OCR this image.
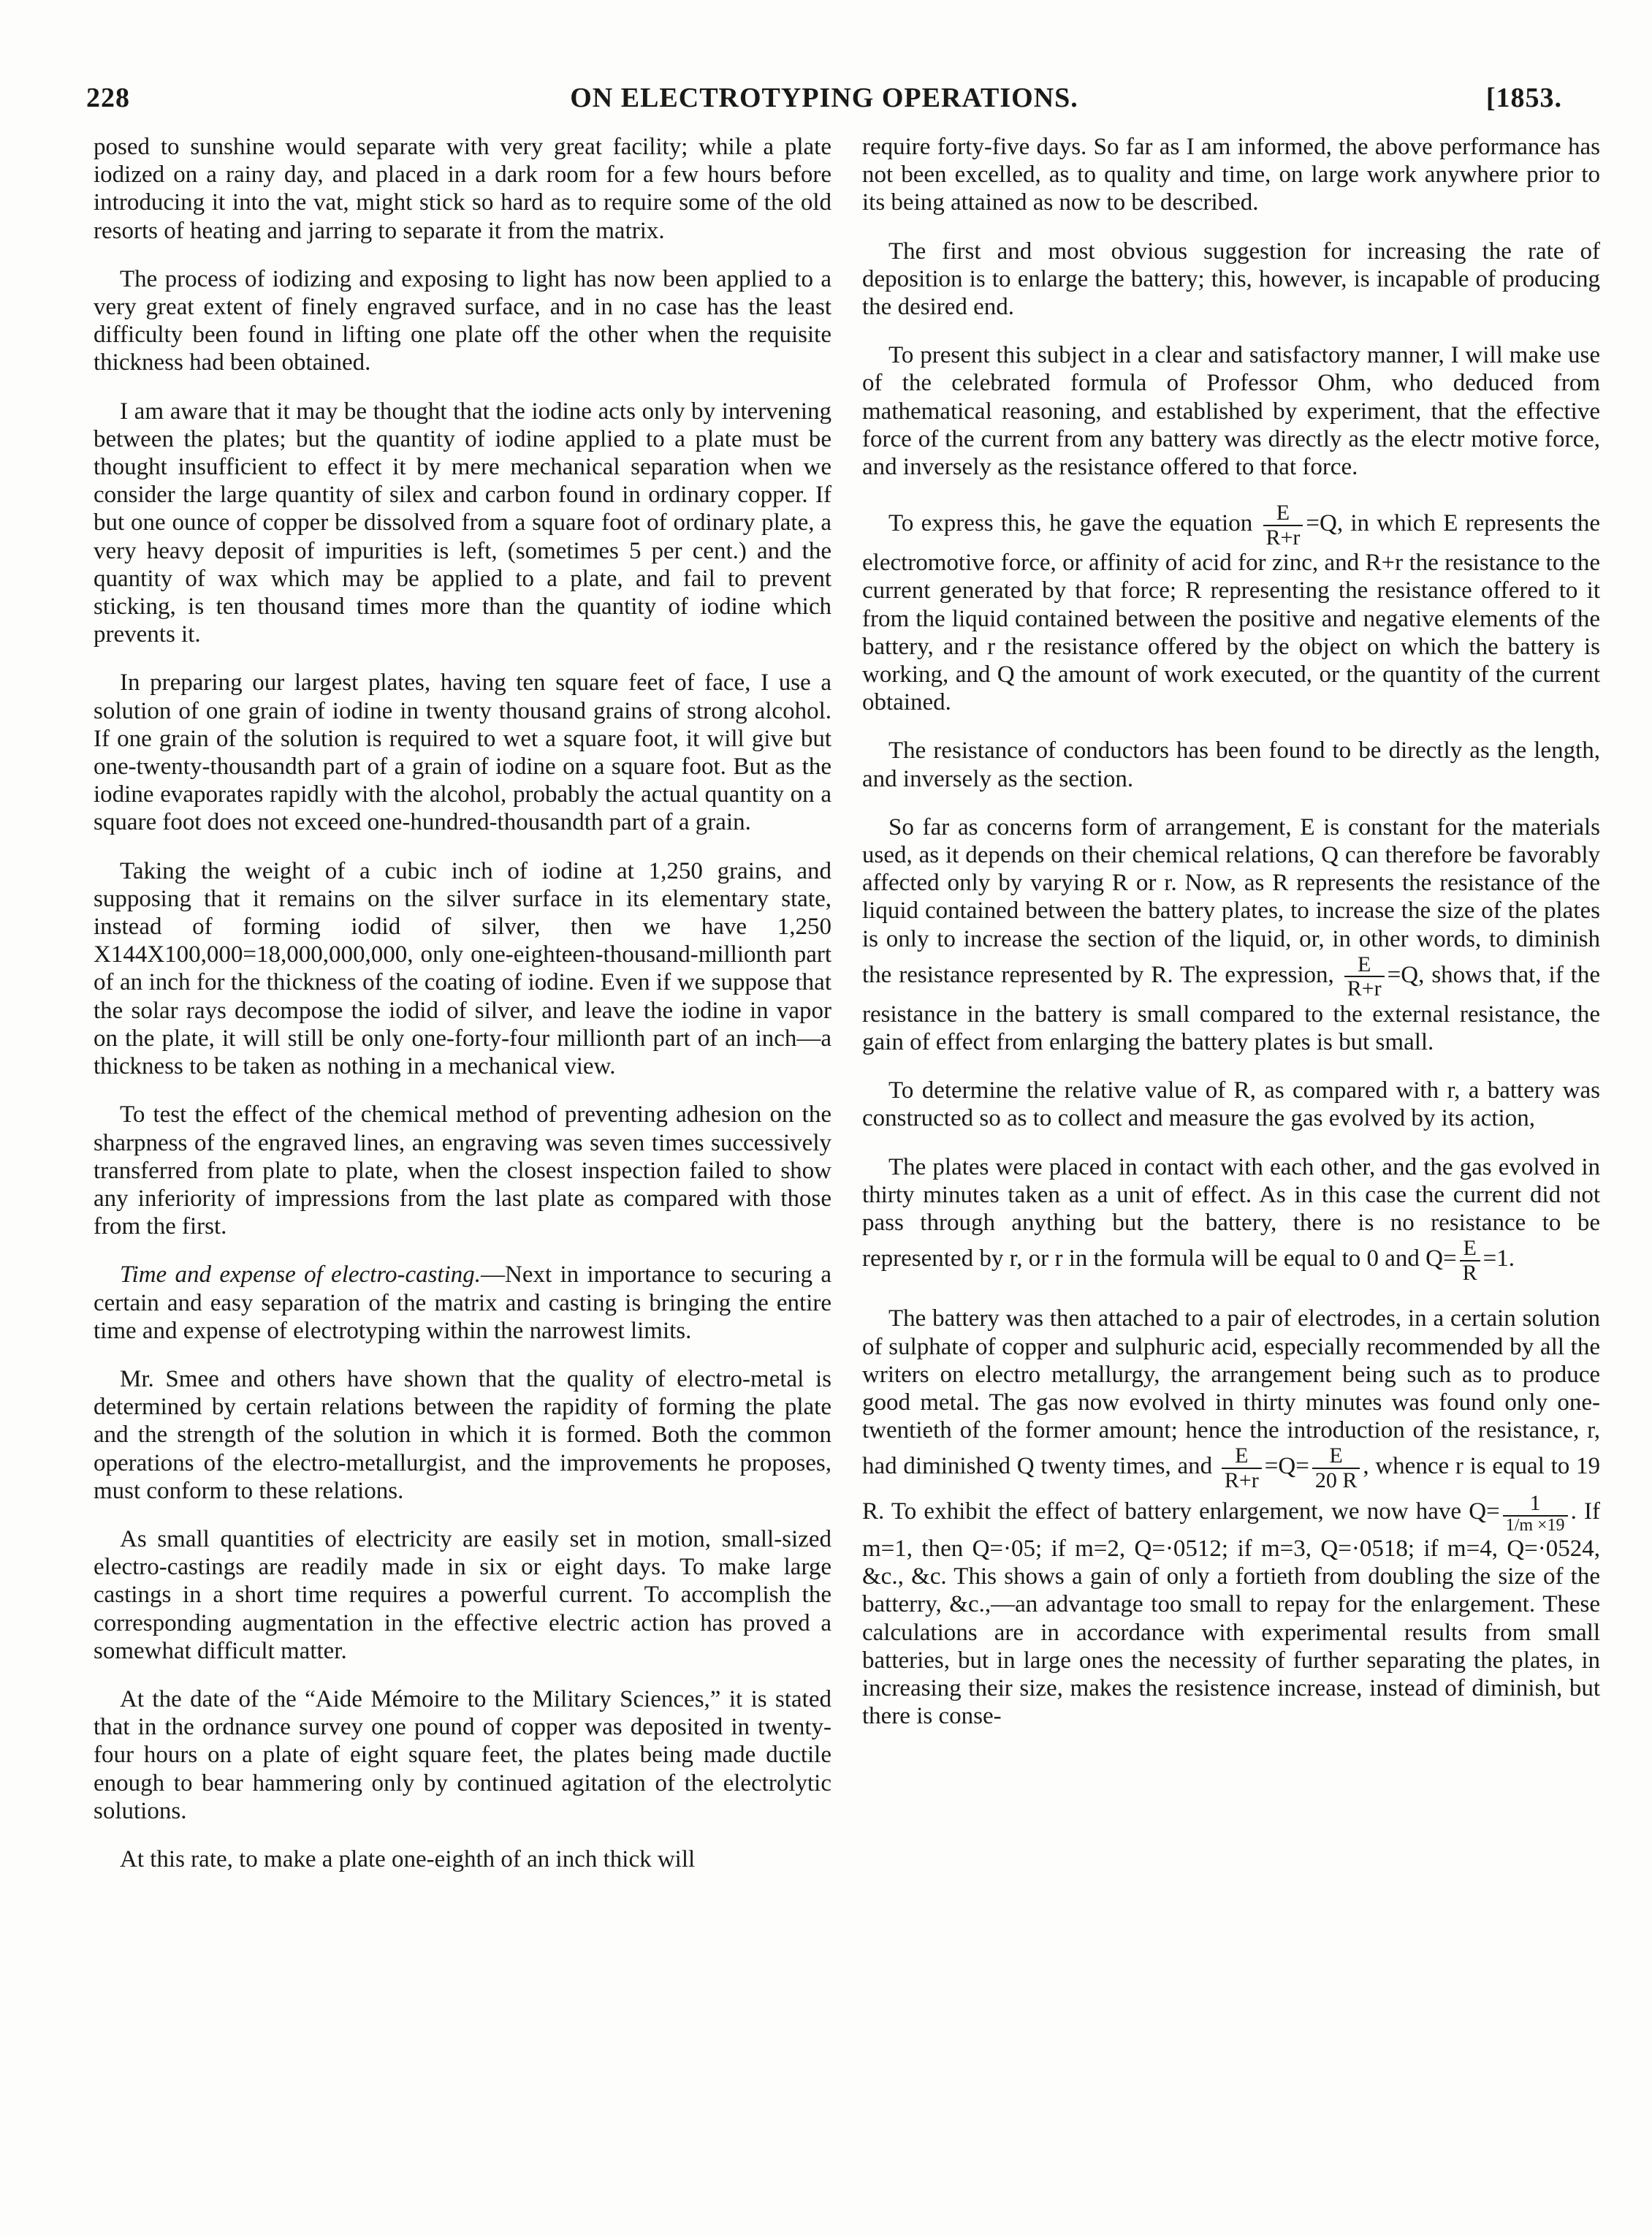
228	ON ELECTROTYPING OPERATIONS.	[1853.

posed to sunshine would separate with very great facility; while a plate iodized on a rainy day, and placed in a dark room for a few hours before introducing it into the vat, might stick so hard as to require some of the old resorts of heating and jarring to separate it from the matrix.

The process of iodizing and exposing to light has now been applied to a very great extent of finely engraved surface, and in no case has the least difficulty been found in lifting one plate off the other when the requisite thickness had been obtained.

I am aware that it may be thought that the iodine acts only by intervening between the plates; but the quantity of iodine applied to a plate must be thought insufficient to effect it by mere mechanical separation when we consider the large quantity of silex and carbon found in ordinary copper. If but one ounce of copper be dissolved from a square foot of ordinary plate, a very heavy deposit of impurities is left, (sometimes 5 per cent.) and the quantity of wax which may be applied to a plate, and fail to prevent sticking, is ten thousand times more than the quantity of iodine which prevents it.

In preparing our largest plates, having ten square feet of face, I use a solution of one grain of iodine in twenty thousand grains of strong alcohol. If one grain of the solution is required to wet a square foot, it will give but one-twenty-thousandth part of a grain of iodine on a square foot. But as the iodine evaporates rapidly with the alcohol, probably the actual quantity on a square foot does not exceed one-hundred-thousandth part of a grain.

Taking the weight of a cubic inch of iodine at 1,250 grains, and supposing that it remains on the silver surface in its elementary state, instead of forming iodid of silver, then we have 1,250 X144X100,000=18,000,000,000, only one-eighteen-thousand-millionth part of an inch for the thickness of the coating of iodine. Even if we suppose that the solar rays decompose the iodid of silver, and leave the iodine in vapor on the plate, it will still be only one-forty-four millionth part of an inch—a thickness to be taken as nothing in a mechanical view.

To test the effect of the chemical method of preventing adhesion on the sharpness of the engraved lines, an engraving was seven times successively transferred from plate to plate, when the closest inspection failed to show any inferiority of impressions from the last plate as compared with those from the first.

Time and expense of electro-casting.—Next in importance to securing a certain and easy separation of the matrix and casting is bringing the entire time and expense of electrotyping within the narrowest limits.

Mr. Smee and others have shown that the quality of electro-metal is determined by certain relations between the rapidity of forming the plate and the strength of the solution in which it is formed. Both the common operations of the electro-metallurgist, and the improvements he proposes, must conform to these relations.

As small quantities of electricity are easily set in motion, small-sized electro-castings are readily made in six or eight days. To make large castings in a short time requires a powerful current. To accomplish the corresponding augmentation in the effective electric action has proved a somewhat difficult matter.

At the date of the “Aide Mémoire to the Military Sciences,” it is stated that in the ordnance survey one pound of copper was deposited in twenty-four hours on a plate of eight square feet, the plates being made ductile enough to bear hammering only by continued agitation of the electrolytic solutions.

At this rate, to make a plate one-eighth of an inch thick will

require forty-five days. So far as I am informed, the above performance has not been excelled, as to quality and time, on large work anywhere prior to its being attained as now to be described.

The first and most obvious suggestion for increasing the rate of deposition is to enlarge the battery; this, however, is incapable of producing the desired end.

To present this subject in a clear and satisfactory manner, I will make use of the celebrated formula of Professor Ohm, who deduced from mathematical reasoning, and established by experiment, that the effective force of the current from any battery was directly as the electr motive force, and inversely as the resistance offered to that force.

To express this, he gave the equation $\frac{E}{R+r} =Q$, in which E represents the electromotive force, or affinity of acid for zinc, and R+r the resistance to the current generated by that force; R representing the resistance offered to it from the liquid contained between the positive and negative elements of the battery, and r the resistance offered by the object on which the battery is working, and Q the amount of work executed, or the quantity of the current obtained.

The resistance of conductors has been found to be directly as the length, and inversely as the section.

So far as concerns form of arrangement, E is constant for the materials used, as it depends on their chemical relations, Q can therefore be favorably affected only by varying R or r. Now, as R represents the resistance of the liquid contained between the battery plates, to increase the size of the plates is only to increase the section of the liquid, or, in other words, to diminish the resistance represented by R. The expression, $\frac{E}{R+r} =Q$, shows that, if the resistance in the battery is small compared to the external resistance, the gain of effect from enlarging the battery plates is but small.

To determine the relative value of R, as compared with r, a battery was constructed so as to collect and measure the gas evolved by its action,

The plates were placed in contact with each other, and the gas evolved in thirty minutes taken as a unit of effect. As in this case the current did not pass through anything but the battery, there is no resistance to be represented by r, or r in the formula will be equal to 0 and $Q= \frac{E}{R} =1$.

The battery was then attached to a pair of electrodes, in a certain solution of sulphate of copper and sulphuric acid, especially recommended by all the writers on electro metallurgy, the arrangement being such as to produce good metal. The gas now evolved in thirty minutes was found only one-twentieth of the former amount; hence the introduction of the resistance, r, had diminished Q twenty times, and $\frac{E}{R+r} =Q= \frac{E}{20 R}$ , whence r is equal to 19 R. To exhibit the effect of battery enlargement, we now have $Q= \frac{1}{1/m \times 19}$ . If m=1, then Q=·05; if m=2, Q=·0512; if m=3, Q=·0518; if m=4, Q=·0524, &c., &c. This shows a gain of only a fortieth from doubling the size of the batterry, &c.,—an advantage too small to repay for the enlargement. These calculations are in accordance with experimental results from small batteries, but in large ones the necessity of further separating the plates, in increasing their size, makes the resistence increase, instead of diminish, but there is conse-
